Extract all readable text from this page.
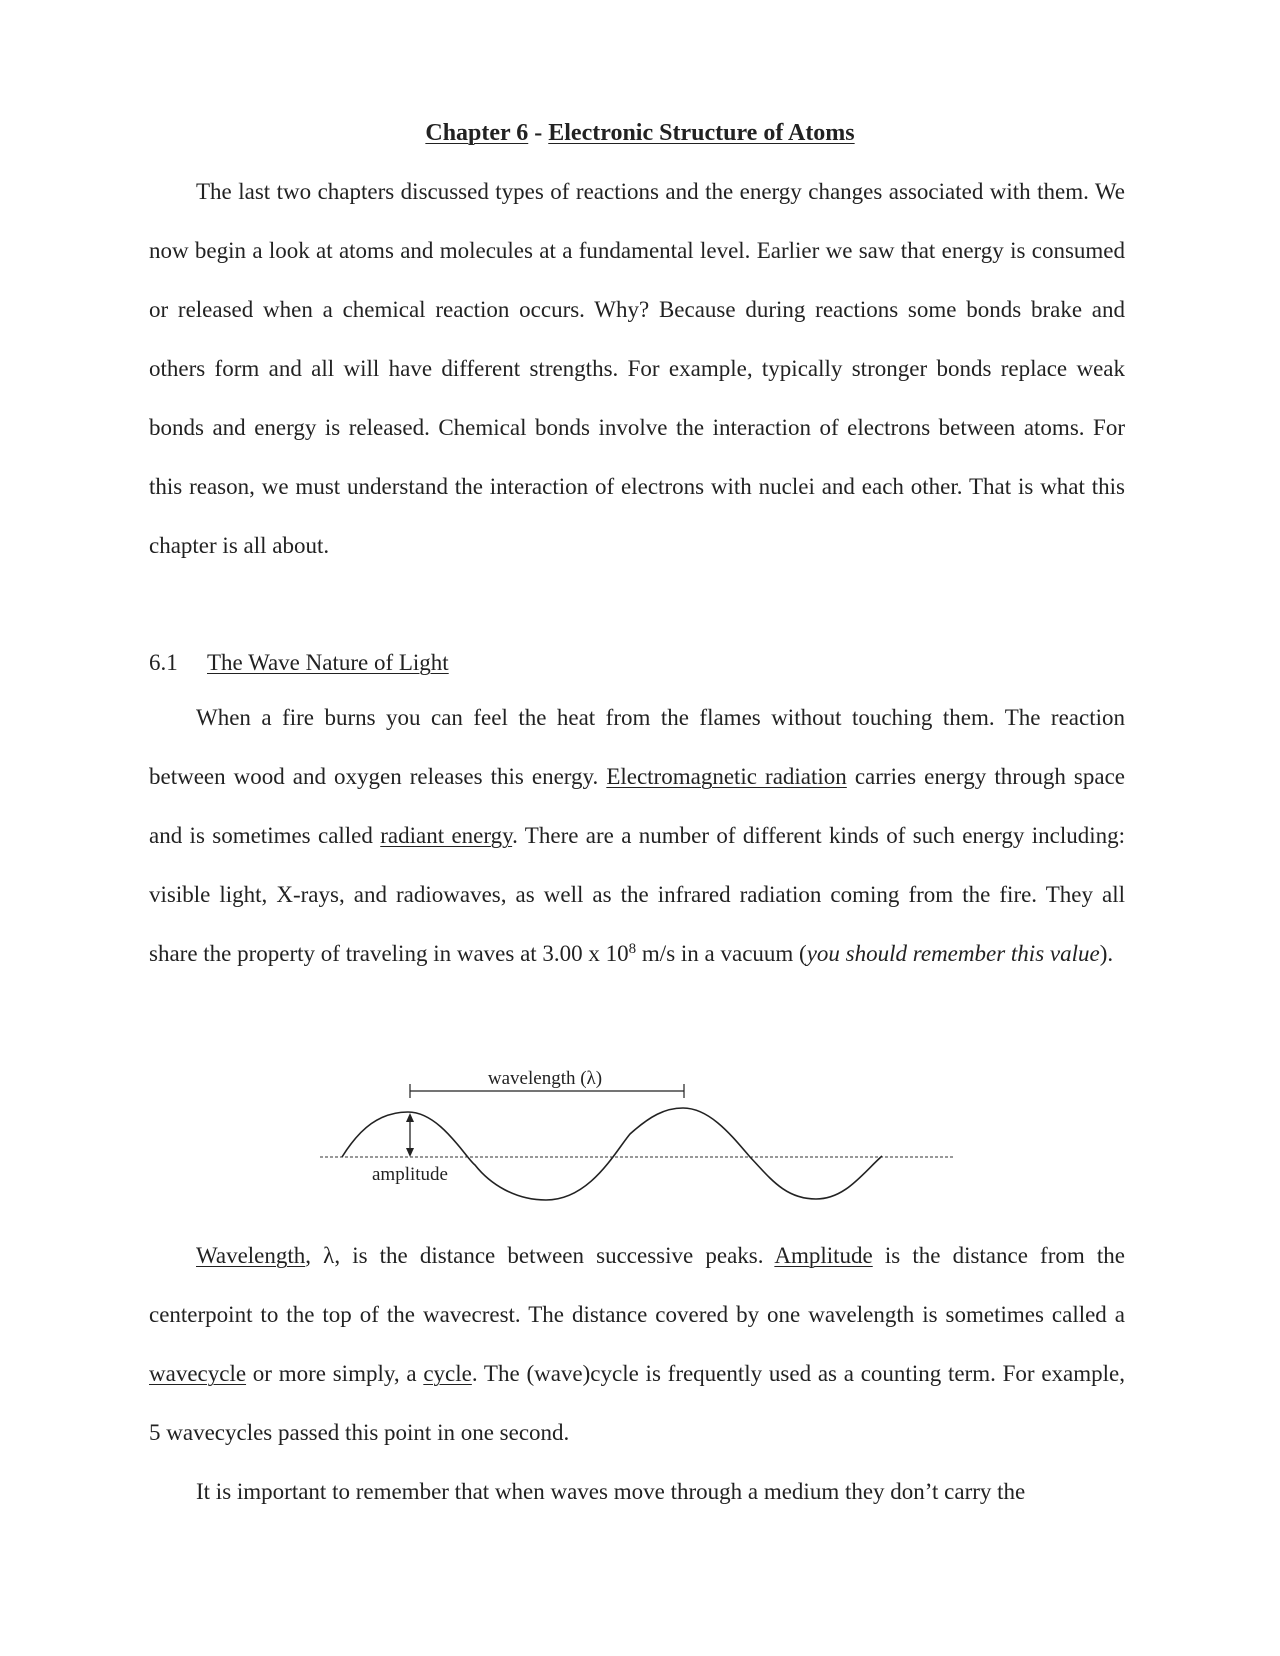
Chapter 6 - Electronic Structure of Atoms

The last two chapters discussed types of reactions and the energy changes associated with them. We now begin a look at atoms and molecules at a fundamental level. Earlier we saw that energy is consumed or released when a chemical reaction occurs. Why? Because during reactions some bonds brake and others form and all will have different strengths. For example, typically stronger bonds replace weak bonds and energy is released. Chemical bonds involve the interaction of electrons between atoms. For this reason, we must understand the interaction of electrons with nuclei and each other. That is what this chapter is all about.

6.1 The Wave Nature of Light

When a fire burns you can feel the heat from the flames without touching them. The reaction between wood and oxygen releases this energy. Electromagnetic radiation carries energy through space and is sometimes called radiant energy. There are a number of different kinds of such energy including: visible light, X-rays, and radiowaves, as well as the infrared radiation coming from the fire. They all share the property of traveling in waves at 3.00 x $10^8$ m/s in a vacuum (you should remember this value).

wavelength (λ)
amplitude

Wavelength, λ, is the distance between successive peaks. Amplitude is the distance from the centerpoint to the top of the wavecrest. The distance covered by one wavelength is sometimes called a wavecycle or more simply, a cycle. The (wave)cycle is frequently used as a counting term. For example, 5 wavecycles passed this point in one second.

It is important to remember that when waves move through a medium they don’t carry the
